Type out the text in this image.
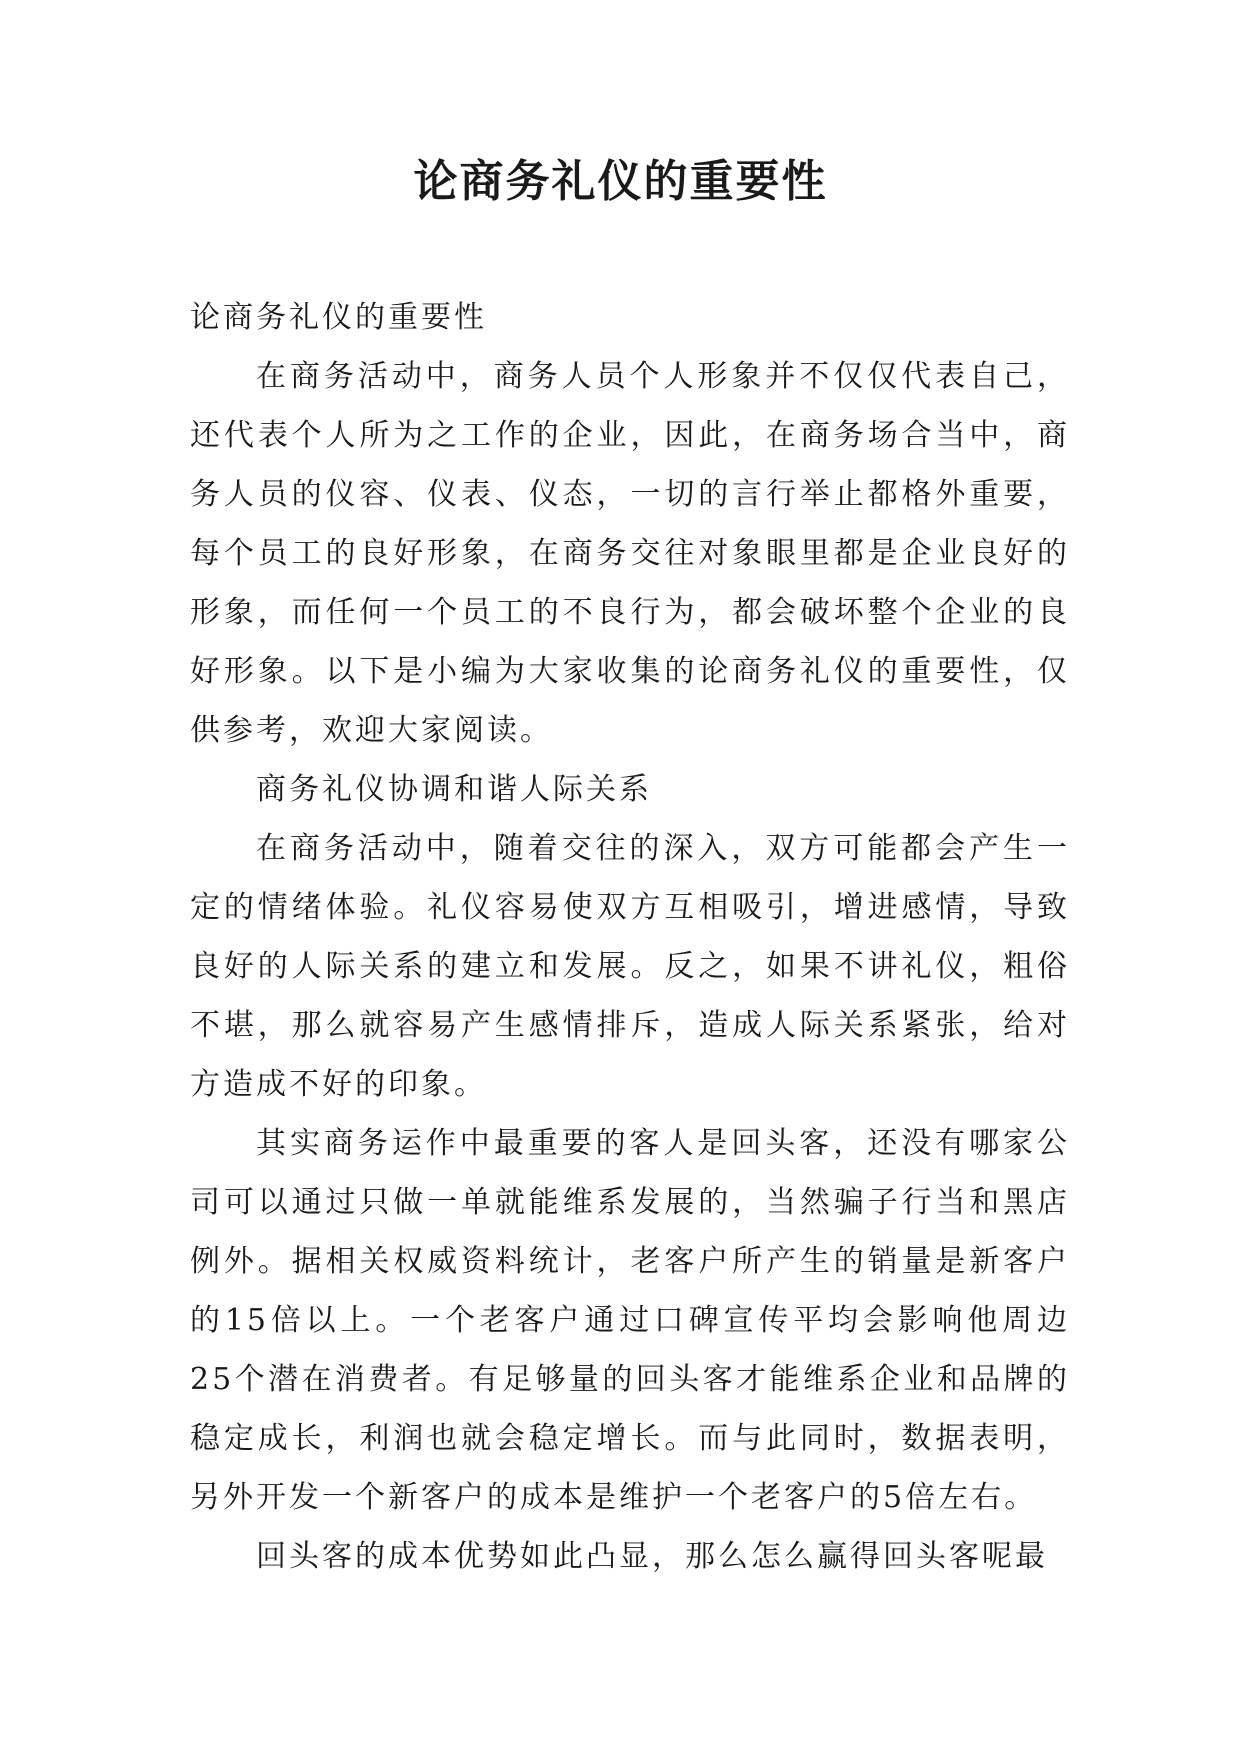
论商务礼仪的重要性

论商务礼仪的重要性

在商务活动中，商务人员个人形象并不仅仅代表自己，还代表个人所为之工作的企业，因此，在商务场合当中，商务人员的仪容、仪表、仪态，一切的言行举止都格外重要，每个员工的良好形象，在商务交往对象眼里都是企业良好的形象，而任何一个员工的不良行为，都会破坏整个企业的良好形象。以下是小编为大家收集的论商务礼仪的重要性，仅供参考，欢迎大家阅读。

商务礼仪协调和谐人际关系

在商务活动中，随着交往的深入，双方可能都会产生一定的情绪体验。礼仪容易使双方互相吸引，增进感情，导致良好的人际关系的建立和发展。反之，如果不讲礼仪，粗俗不堪，那么就容易产生感情排斥，造成人际关系紧张，给对方造成不好的印象。

其实商务运作中最重要的客人是回头客，还没有哪家公司可以通过只做一单就能维系发展的，当然骗子行当和黑店例外。据相关权威资料统计，老客户所产生的销量是新客户的15倍以上。一个老客户通过口碑宣传平均会影响他周边25个潜在消费者。有足够量的回头客才能维系企业和品牌的稳定成长，利润也就会稳定增长。而与此同时，数据表明，另外开发一个新客户的成本是维护一个老客户的5倍左右。

回头客的成本优势如此凸显，那么怎么赢得回头客呢最
